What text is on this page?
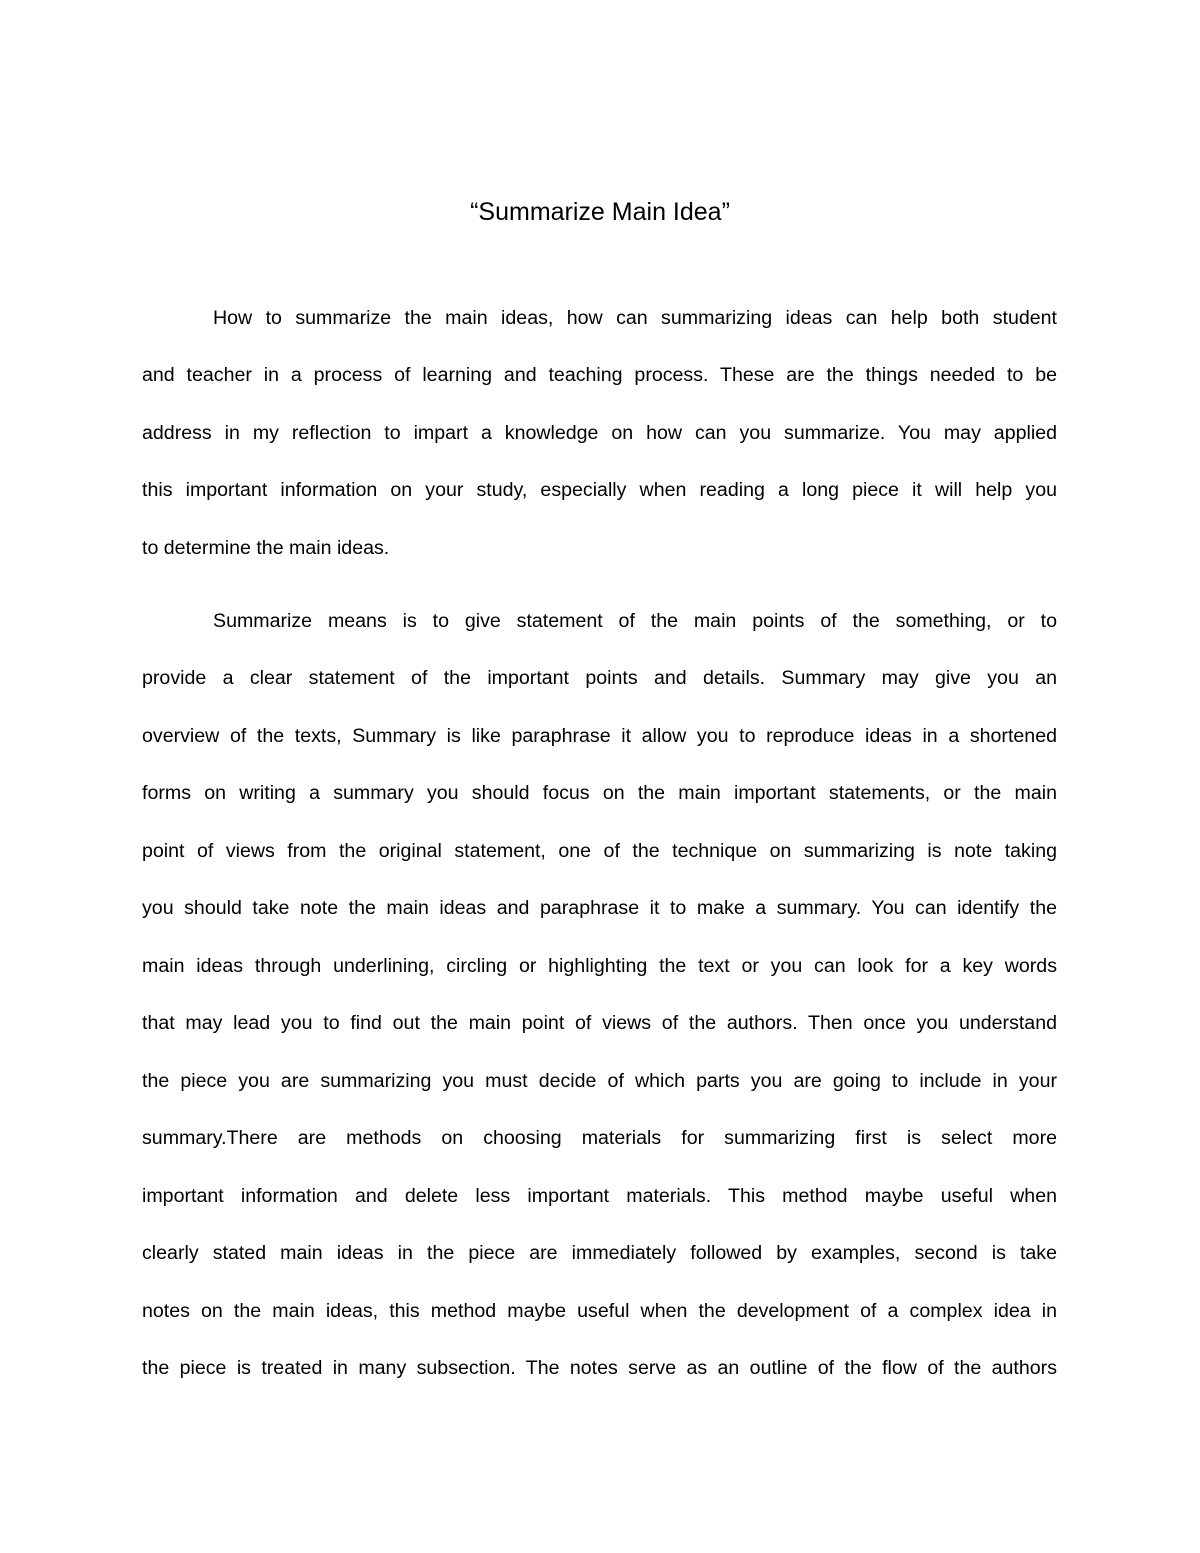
“Summarize Main Idea”
How to summarize the main ideas, how can summarizing ideas can help both student
and teacher in a process of learning and teaching process. These are the things needed to be
address in my reflection to impart a knowledge on how can you summarize. You may applied
this important information on your study, especially when reading a long piece it will help you
to determine the main ideas.
Summarize means is to give statement of the main points of the something, or to
provide a clear statement of the important points and details. Summary may give you an
overview of the texts, Summary is like paraphrase it allow you to reproduce ideas in a shortened
forms on writing a summary you should focus on the main important statements, or the main
point of views from the original statement, one of the technique on summarizing is note taking
you should take note the main ideas and paraphrase it to make a summary. You can identify the
main ideas through underlining, circling or highlighting the text or you can look for a key words
that may lead you to find out the main point of views of the authors. Then once you understand
the piece you are summarizing you must decide of which parts you are going to include in your
summary.There are methods on choosing materials for summarizing first is select more
important information and delete less important materials. This method maybe useful when
clearly stated main ideas in the piece are immediately followed by examples, second is take
notes on the main ideas, this method maybe useful when the development of a complex idea in
the piece is treated in many subsection. The notes serve as an outline of the flow of the authors
